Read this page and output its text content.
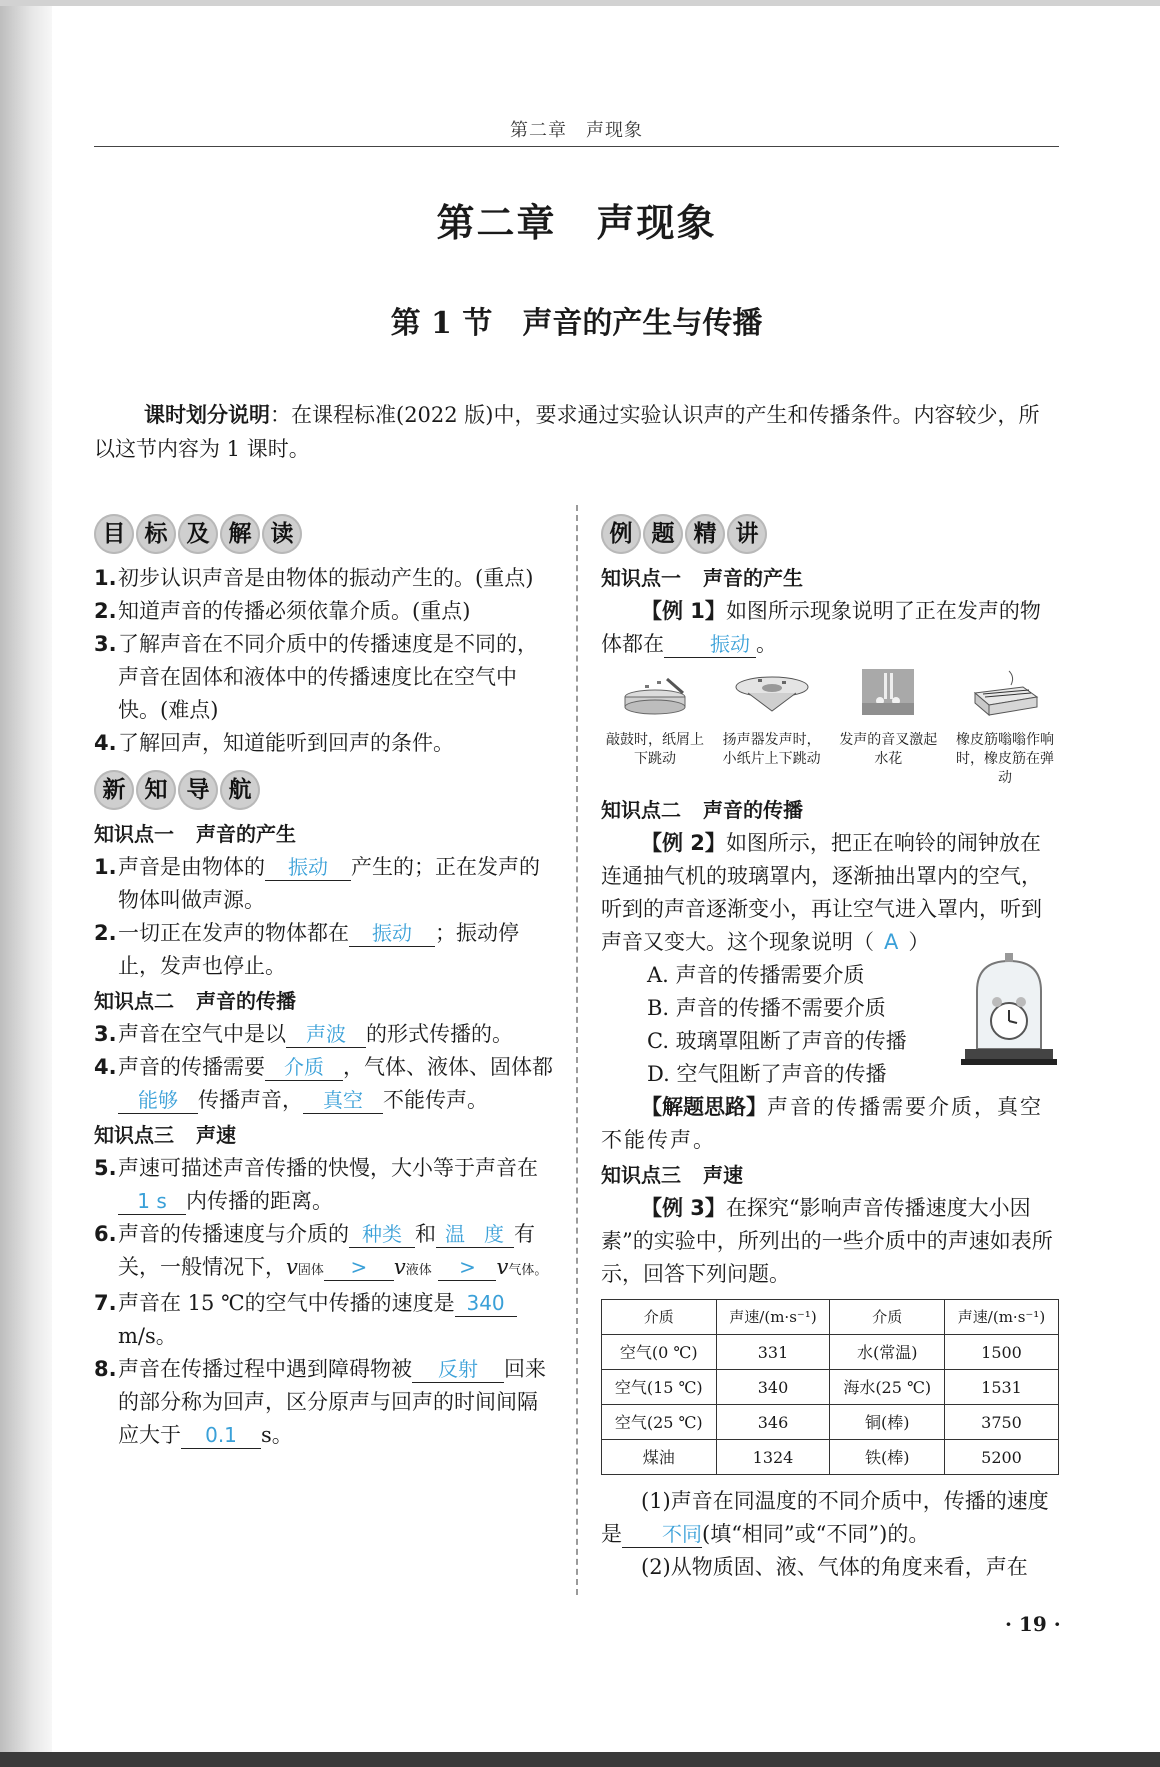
第二章　声现象
第二章　声现象
第 1 节　声音的产生与传播
课时划分说明：在课程标准(2022 版)中，要求通过实验认识声的产生和传播条件。内容较少，所以这节内容为 1 课时。
目 标 及 解 读
1. 初步认识声音是由物体的振动产生的。(重点)
2. 知道声音的传播必须依靠介质。(重点)
3. 了解声音在不同介质中的传播速度是不同的，声音在固体和液体中的传播速度比在空气中快。(难点)
4. 了解回声，知道能听到回声的条件。
新 知 导 航
知识点一 声音的产生
1. 声音是由物体的 振动 产生的；正在发声的物体叫做声源。
2. 一切正在发声的物体都在 振动 ；振动停止，发声也停止。
知识点二 声音的传播
3. 声音在空气中是以 声波 的形式传播的。
4. 声音的传播需要 介质 ，气体、液体、固体都能够 传播声音， 真空 不能传声。
知识点三 声速
5. 声速可描述声音传播的快慢，大小等于声音在1 s 内传播的距离。
6. 声音的传播速度与介质的 种类 和 温 度 有关，一般情况下，v固体 > v液体 > v气体。
7. 声音在 15 ℃的空气中传播的速度是 340m/s。
8. 声音在传播过程中遇到障碍物被 反射 回来的部分称为回声，区分原声与回声的时间间隔应大于 0.1 s。
例 题 精 讲
知识点一 声音的产生
【例 1】如图所示现象说明了正在发声的物体都在 振动 。
敲鼓时，纸屑上下跳动
扬声器发声时，小纸片上下跳动
发声的音叉激起水花
橡皮筋嗡嗡作响时，橡皮筋在弹动
知识点二 声音的传播
【例 2】如图所示，把正在响铃的闹钟放在连通抽气机的玻璃罩内，逐渐抽出罩内的空气，听到的声音逐渐变小，再让空气进入罩内，听到声音又变大。这个现象说明（ A ）
A. 声音的传播需要介质
B. 声音的传播不需要介质
C. 玻璃罩阻断了声音的传播
D. 空气阻断了声音的传播
【解题思路】声音的传播需要介质，真空不能传声。
知识点三 声速
【例 3】在探究“影响声音传播速度大小因素”的实验中，所列出的一些介质中的声速如表所示，回答下列问题。
介质	声速/(m·s⁻¹)	介质	声速/(m·s⁻¹)
空气(0 ℃)	331	水(常温)	1500
空气(15 ℃)	340	海水(25 ℃)	1531
空气(25 ℃)	346	铜(棒)	3750
煤油	1324	铁(棒)	5200
(1)声音在同温度的不同介质中，传播的速度是 不同(填“相同”或“不同”)的。
(2)从物质固、液、气体的角度来看，声在
· 19 ·
